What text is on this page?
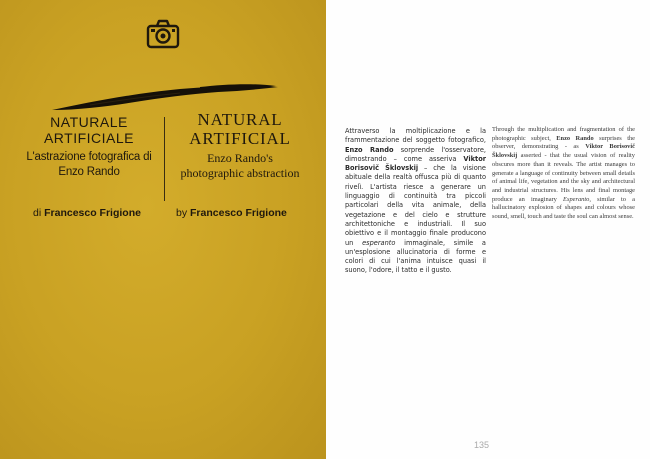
NATURALE

ARTIFICIALE

L'astrazione fotografica di Enzo Rando

NATURAL

ARTIFICIAL

Enzo Rando's

photographic abstraction

di Francesco Frigione	by Francesco Frigione
Attraverso la moltiplicazione e la frammentazione del soggetto fotografico, Enzo Rando sorprende l'osservatore, dimostrando – come asseriva Viktor Borisovič Šklovskij – che la visione abituale della realtà offusca più di quanto rivelì. L'artista riesce a generare un linguaggio di continuità tra piccoli particolari della vita animale, della vegetazione e del cielo e strutture architettoniche e industriali. Il suo obiettivo e il montaggio finale producono un esperanto immaginale, simile a un'esplosione allucinatoria di forme e colori di cui l'anima intuisce quasi il suono, l'odore, il tatto e il gusto.
Through the multiplication and fragmentation of the photographic subject, Enzo Rando surprises the observer, demonstrating - as Viktor Borisovič Šklovskij asserted - that the usual vision of reality obscures more than it reveals. The artist manages to generate a language of continuity between small details of animal life, vegetation and the sky and architectural and industrial structures. His lens and final montage produce an imaginary Esperanto, similar to a hallucinatory explosion of shapes and colours whose sound, smell, touch and taste the soul can almost sense.
135
